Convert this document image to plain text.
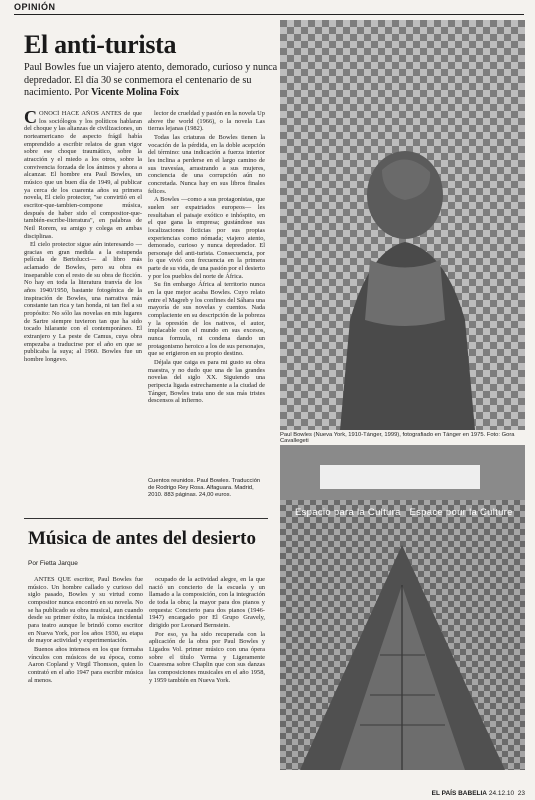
OPINIÓN
El anti-turista
Paul Bowles fue un viajero atento, demorado, curioso y nunca depredador. El día 30 se conmemora el centenario de su nacimiento. Por Vicente Molina Foix

C ONOCÍ HACE AÑOS ANTES de que los sociólogos y los políticos hablaran del choque y las alianzas de civilizaciones, un norteamericano de aspecto frágil había emprendido a escribir relatos de gran vigor sobre ese choque traumático, sobre la atracción y el miedo a los otros, sobre la convivencia forzada de los ánimos y ahora a alcanzar. El hombre era Paul Bowles, un músico que un buen día de 1949, al publicar ya cerca de los cuarenta años su primera novela, El cielo protector, "se convirtió en el escritor-que-tambien-compone música, después de haber sido el compositor-que-también-escribe-literatura", en palabras de Neil Rorem, su amigo y colega en ambas disciplinas.

El cielo protector sigue aún interesando —gracias en gran medida a la estupenda película de Bertolucci— al libro más aclamado de Bowles, pero su obra es inseparable con el resto de su obra de ficción. No hay en toda la literatura tranvía de los años 1940/1950, bastante fotogénica de la inspiración de Bowles, una narrativa más constante tan rica y tan honda, ni tan fiel a su propósito: No sólo las novelas en mis lugares de Sartre siempre tuvieron tan que ha sido tocado hilarante con el contemporáneo. El extranjero y La peste de Camus, cuya obra empezaba a traducirse por el año en que se publicaba la suya; al 1960. Bowles fue un hombre longevo.

lector de crueldad y pasión en la novela Up above the world (1966), o la novela Las tierras lejanas (1982).

Todas las criaturas de Bowles tienen la vocación de la pérdida, en la doble acepción del término: una indicación a fuerza interior les inclina a perderse en el largo camino de sus travesías, arrastrando a sus mujeres, conciencia de una corrupción aún no concretada. Nunca hay en sus libros finales felices.

A Bowles —como a sus protagonistas, que suelen ser expatriados europeos— les resultaban el paisaje exótico e inhóspito, en el que gana la empresa; gustándose sus localizaciones ficticias por sus propias experiencias como nómada; viajero atento, demorado, curioso y nunca depredador. El personaje del anti-turista. Consecuencia, por lo que vivió con frecuencia en la primera parte de su vida, de una pasión por el desierto y por los pueblos del norte de África.

Su fin embargo África al territorio nunca en la que mejor acaba Bowles. Cuyo relato entre el Magreb y los confines del Sáhara una mayoría de sus novelas y cuentos. Nada complaciente en su descripción de la pobreza y la opresión de los nativos, el autor, implacable con el mundo en sus excesos, nunca formula, ni condena dando un protagonismo heroico a los de sus personajes, que se erigieron en su propio destino.

Déjala que caiga es para mi gusto su obra maestra, y no dudo que una de las grandes novelas del siglo XX. Siguiendo una peripecia ligada estrechamente a la ciudad de Tánger, Bowles trata uno de sus más tristes descensos al infierno.

Cuentos reunidos. Paul Bowles. Traducción de Rodrigo Rey Rosa. Alfaguara. Madrid, 2010. 883 páginas. 24,00 euros.
Música de antes del desierto
Por Fietta Jarque

ANTES QUE escritor, Paul Bowles fue músico. Un hombre callado y curioso del siglo pasado, Bowles y su virtud como compositor nunca encontró en su novela. No se ha publicado su obra musical, aun cuando desde su primer éxito, la música incidental para teatro aunque le brindó como escritor en Nueva York, por los años 1930, su etapa de mayor actividad y experimentación.

Buenos años intensos en los que formaba vínculos con músicos de su época, como Aaron Copland y Virgil Thomson, quien lo contrató en el año 1947 para escribir música al menos.

ocupado de la actividad alegre, en la que nació un concierto de la escuela y un llamado a la composición, con la integración de toda la obra; la mayor para dos pianos y orquesta: Concierto para dos pianos (1946-1947) encargado por El Grupo Gravely, dirigido por Leonard Bernstein.

Por eso, ya ha sido recuperada con la aplicación de la obra por Paul Bowles y Ligados Vol. primer músico con una ópera sobre el título Yerma y Ligeramente Cuaresma sobre Chaplin que con sus danzas las composiciones musicales en el año 1958, y 1959 también en Nueva York.

Paul Bowles (Nueva York, 1910-Tánger, 1999), fotografiado en Tánger en 1975. Foto: Gora Cavallegeti
Espacio para la Cultura Espace pour la Culture
EL PAÍS BABELIA 24.12.10 23
